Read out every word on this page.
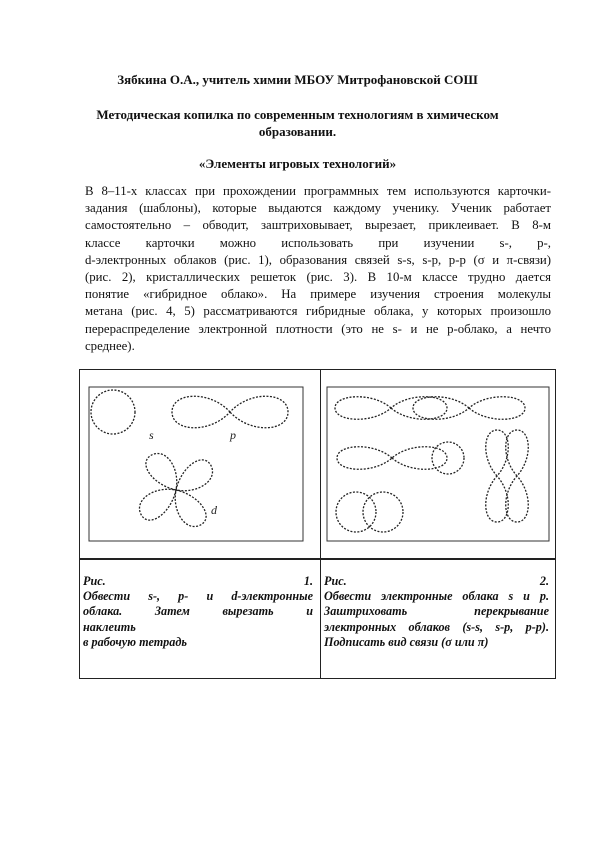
Зябкина О.А., учитель химии МБОУ Митрофановской СОШ
Методическая копилка по современным технологиям в химическом
образовании.
«Элементы игровых технологий»
В 8–11-х классах при прохождении программных тем используются карточки-
задания (шаблоны), которые выдаются каждому ученику. Ученик работает
самостоятельно – обводит, заштриховывает, вырезает, приклеивает. В 8-м
классе карточки можно использовать при изучении s-, p-,
d-электронных облаков (рис. 1), образования связей s-s, s-p, p-p (σ и π-связи)
(рис. 2), кристаллических решеток (рис. 3). В 10-м классе трудно дается
понятие «гибридное облако». На примере изучения строения молекулы
метана (рис. 4, 5) рассматриваются гибридные облака, у которых произошло
перераспределение электронной плотности (это не s- и не p-облако, а нечто
среднее).
s p
d

Рис. 1.
Обвести s-, p- и d-электронные
облака. Затем вырезать и
наклеить
в рабочую тетрадь	Рис. 2.
Обвести электронные облака s и p.
Заштриховать перекрывание
электронных облаков (s-s, s-p, p-p).
Подписать вид связи (σ или π)
